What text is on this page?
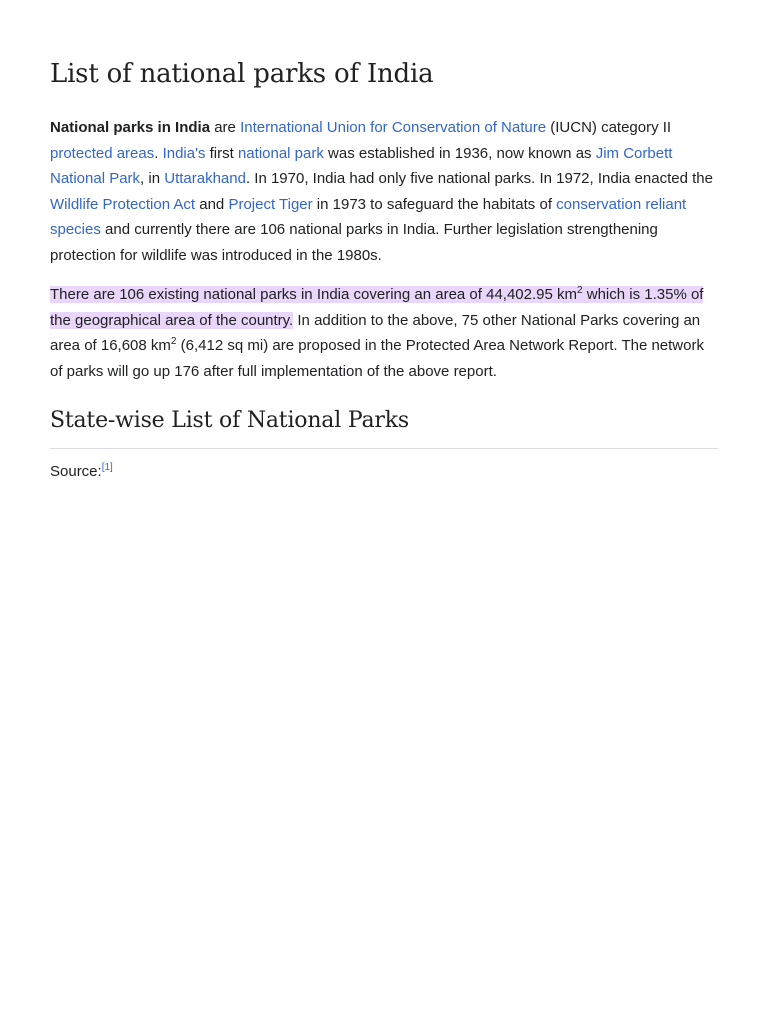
List of national parks of India

National parks in India are International Union for Conservation of Nature (IUCN) category II protected areas. India's first national park was established in 1936, now known as Jim Corbett National Park, in Uttarakhand. In 1970, India had only five national parks. In 1972, India enacted the Wildlife Protection Act and Project Tiger in 1973 to safeguard the habitats of conservation reliant species and currently there are 106 national parks in India. Further legislation strengthening protection for wildlife was introduced in the 1980s.

There are 106 existing national parks in India covering an area of 44,402.95 $km^2$ which is 1.35% of the geographical area of the country. In addition to the above, 75 other National Parks covering an area of 16,608 $km^2$ (6,412 sq mi) are proposed in the Protected Area Network Report. The network of parks will go up 176 after full implementation of the above report.

State-wise List of National Parks

Source:[1]
